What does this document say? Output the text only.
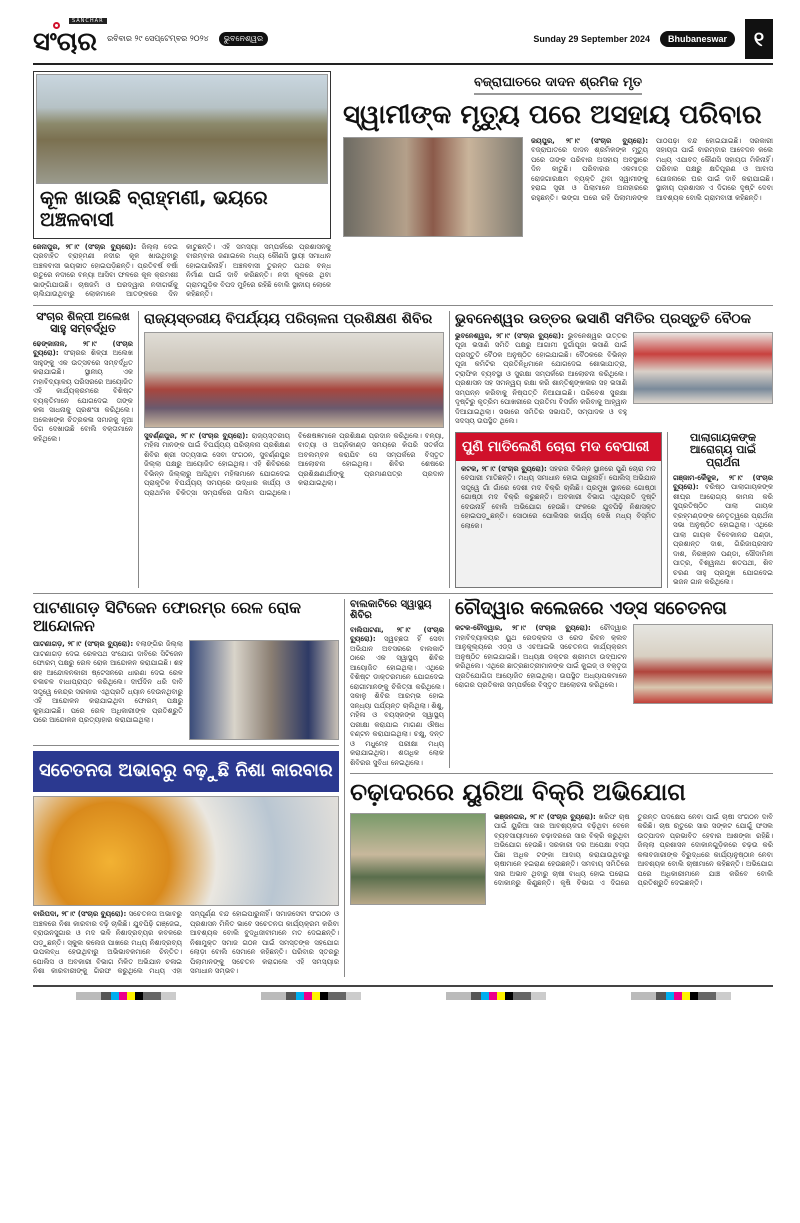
SANCHAR
ସଂଚାର ରବିବାର ୨୯ ସେପ୍ଟେମ୍ବର ୨୦୨୪	ଭୁବନେଶ୍ୱର	Sunday 29 September 2024	Bhubaneswar	୧
କୂଳ ଖାଉଛି ବ୍ରାହ୍ମଣୀ, ଭୟରେ ଅଞ୍ଚଳବାସୀ

ଜେନାପୁର, ୨୮।୯ (ସଂଚାର ବ୍ୟୁରୋ): ଜିଲ୍ଲା ଦେଇ ପ୍ରବାହିତ ବ୍ରାହ୍ମଣୀ ନଦୀର କୂଳ ଖାଉଥିବାରୁ ଅଞ୍ଚଳବାସୀ ଭୟଭୀତ ହୋଇପଡ଼ିଛନ୍ତି। ପ୍ରତିବର୍ଷ ବର୍ଷା ଋତୁରେ ନଦୀରେ ବନ୍ୟା ଆସିବା ଫଳରେ କୂଳ କ୍ରମଶଃ ଭାଙ୍ଗିଯାଉଛି। ଚାଷଜମି ଓ ଘରଦ୍ୱାର ନଦୀଗର୍ଭକୁ ଚାଲିଯାଉଥିବାରୁ ଲୋକମାନେ ଆତଙ୍କରେ ଦିନ କାଟୁଛନ୍ତି। ଏହି ସମସ୍ୟା ସମ୍ପର୍କରେ ପ୍ରଶାସନକୁ ବାରମ୍ବାର ଜଣାଇଲେ ମଧ୍ୟ କୌଣସି ସ୍ଥାୟୀ ସମାଧାନ ହୋଇପାରିନାହିଁ। ଅଞ୍ଚଳବାସୀ ତୁରନ୍ତ ପଥର ବନ୍ଧ ନିର୍ମାଣ ପାଇଁ ଦାବି କରିଛନ୍ତି। ନଦୀ କୂଳରେ ଥିବା ଗ୍ରାମଗୁଡ଼ିକ ବିପଦ ମୁହଁରେ ରହିଛି ବୋଲି ସ୍ଥାନୀୟ ଲୋକେ କହିଛନ୍ତି।

ବଜ୍ରାଘାତରେ ଦାଦନ ଶ୍ରମିକ ମୃତ
ସ୍ୱାମୀଙ୍କ ମୃତ୍ୟୁ ପରେ ଅସହାୟ ପରିବାର

ଜୟପୁର, ୨୮।୯ (ସଂଚାର ବ୍ୟୁରୋ): ବଜ୍ରାଘାତରେ ଦାଦନ ଶ୍ରମିକଙ୍କ ମୃତ୍ୟୁ ପରେ ତାଙ୍କ ପରିବାର ଅସହାୟ ଅବସ୍ଥାରେ ଦିନ କାଟୁଛି। ପରିବାରର ଏକମାତ୍ର ରୋଜଗାରକ୍ଷମ ବ୍ୟକ୍ତି ଥିବା ସ୍ୱାମୀଙ୍କୁ ହରାଇ ସ୍ତ୍ରୀ ଓ ପିଲାମାନେ ଅନାହାରରେ ରହୁଛନ୍ତି। ଭଙ୍ଗା ଘରେ ରହି ପିଲାମାନଙ୍କ ପାଠପଢ଼ା ବନ୍ଦ ହୋଇଯାଇଛି। ସରକାରୀ ସହାୟତା ପାଇଁ ବାରମ୍ବାର ଆବେଦନ କଲେ ମଧ୍ୟ ଏଯାବତ୍ କୌଣସି ସହାୟତା ମିଳିନାହିଁ। ପରିବାର ପକ୍ଷରୁ କ୍ଷତିପୂରଣ ଓ ଆବାସ ଯୋଜନାରେ ଘର ପାଇଁ ଦାବି କରାଯାଇଛି। ସ୍ଥାନୀୟ ପ୍ରଶାସନ ଏ ଦିଗରେ ଦୃଷ୍ଟି ଦେବା ଆବଶ୍ୟକ ବୋଲି ଗ୍ରାମବାସୀ କହିଛନ୍ତି।

ସଂଚାର ଶିଳ୍ପୀ ଅଲେଖ ସାହୁ ସମ୍ବର୍ଦ୍ଧିତ

ଢେଙ୍କାନାଳ, ୨୮।୯ (ସଂଚାର ବ୍ୟୁରୋ): ସଂଚାରର ଶିଳ୍ପୀ ଅଲେଖ ସାହୁଙ୍କୁ ଏକ ଉତ୍ସବରେ ସମ୍ବର୍ଦ୍ଧିତ କରାଯାଇଛି। ସ୍ଥାନୀୟ ଏକ ମହାବିଦ୍ୟାଳୟ ପରିସରରେ ଆୟୋଜିତ ଏହି କାର୍ଯ୍ୟକ୍ରମରେ ବିଶିଷ୍ଟ ବ୍ୟକ୍ତିମାନେ ଯୋଗଦେଇ ତାଙ୍କ କଳା ସାଧନାକୁ ପ୍ରଶଂସା କରିଥିଲେ। ଅଲେଖଙ୍କ ଚିତ୍ରକଳା ସମାଜକୁ ନୂଆ ଦିଗ ଦେଖାଉଛି ବୋଲି ବକ୍ତାମାନେ କହିଥିଲେ।

ରାଜ୍ୟସ୍ତରୀୟ ବିପର୍ଯ୍ୟୟ ପରିଚାଳନା ପ୍ରଶିକ୍ଷଣ ଶିବିର

ସୁବର୍ଣ୍ଣପୁର, ୨୮।୯ (ସଂଚାର ବ୍ୟୁରୋ): ରାଜ୍ୟସ୍ତରୀୟ ମହିଳା ମାନଙ୍କ ପାଇଁ ବିପର୍ଯ୍ୟୟ ପରିଚାଳନା ପ୍ରଶିକ୍ଷଣ ଶିବିର ଶ୍ରୀ ସତ୍ୟସାଇ ସେବା ସଂଗଠନ, ସୁବର୍ଣ୍ଣପୁର ଜିଲ୍ଲା ପକ୍ଷରୁ ଆୟୋଜିତ ହୋଇଥିଲା। ଏହି ଶିବିରରେ ବିଭିନ୍ନ ଜିଲ୍ଲାରୁ ଆସିଥିବା ମହିଳାମାନେ ଯୋଗଦେଇ ପ୍ରାକୃତିକ ବିପର୍ଯ୍ୟୟ ସମୟରେ ଉଦ୍ଧାର କାର୍ଯ୍ୟ ଓ ପ୍ରାଥମିକ ଚିକିତ୍ସା ସମ୍ପର୍କରେ ତାଲିମ ପାଇଥିଲେ। ବିଶେଷଜ୍ଞମାନେ ପ୍ରଶିକ୍ଷଣ ପ୍ରଦାନ କରିଥିଲେ। ବନ୍ୟା, ବାତ୍ୟା ଓ ଅଗ୍ନିକାଣ୍ଡ ସମୟରେ କିପରି ସତର୍କତା ଅବଲମ୍ବନ କରାଯିବ ସେ ସମ୍ପର୍କରେ ବିସ୍ତୃତ ଆଲୋଚନା ହୋଇଥିଲା। ଶିବିର ଶେଷରେ ପ୍ରଶିକ୍ଷଣାର୍ଥୀଙ୍କୁ ପ୍ରମାଣପତ୍ର ପ୍ରଦାନ କରାଯାଇଥିଲା।

ଭୁବନେଶ୍ୱର ଉତ୍ତର ଭସାଣି ସମିତିର ପ୍ରସ୍ତୁତି ବୈଠକ

ଭୁବନେଶ୍ୱର, ୨୮।୯ (ସଂଚାର ବ୍ୟୁରୋ): ଭୁବନେଶ୍ୱର ଉତ୍ତର ପୂଜା ଭସାଣି ସମିତି ପକ୍ଷରୁ ଆଗାମୀ ଦୁର୍ଗାପୂଜା ଭସାଣି ପାଇଁ ପ୍ରସ୍ତୁତି ବୈଠକ ଅନୁଷ୍ଠିତ ହୋଇଯାଇଛି। ବୈଠକରେ ବିଭିନ୍ନ ପୂଜା କମିଟିର ପ୍ରତିନିଧିମାନେ ଯୋଗଦେଇ ଶୋଭାଯାତ୍ରା, ଟ୍ରାଫିକ ବ୍ୟବସ୍ଥା ଓ ସୁରକ୍ଷା ସମ୍ପର୍କରେ ଆଲୋଚନା କରିଥିଲେ। ପ୍ରଶାସନ ସହ ସମନ୍ୱୟ ରକ୍ଷା କରି ଶାନ୍ତିଶୃଙ୍ଖଳାର ସହ ଭସାଣି ସମ୍ପନ୍ନ କରିବାକୁ ନିଷ୍ପତ୍ତି ନିଆଯାଇଛି। ପରିବେଶ ସୁରକ୍ଷା ଦୃଷ୍ଟିରୁ କୃତ୍ରିମ ପୋଖରୀରେ ପ୍ରତିମା ବିସର୍ଜନ କରିବାକୁ ଆହ୍ୱାନ ଦିଆଯାଇଥିଲା। ସଭାରେ ସମିତିର ସଭାପତି, ସମ୍ପାଦକ ଓ ବହୁ ସଦସ୍ୟ ଉପସ୍ଥିତ ଥିଲେ।

ପୁଣି ମାତିଲେଣି ଚୋରା ମଦ ବେପାରୀ

କଟକ, ୨୮।୯ (ସଂଚାର ବ୍ୟୁରୋ): ସହରର ବିଭିନ୍ନ ସ୍ଥାନରେ ପୁଣି ଚୋରା ମଦ ବେପାରୀ ମାତିଛନ୍ତି। ମଧ୍ୟ ସମାଧାନ ହୋଇ ପାରୁନାହିଁ। ପୋଲିସ୍ ଅଭିଯାନ ସତ୍ତ୍ୱେ ଗାଁ ଗାଁରେ ଦେଶୀ ମଦ ବିକ୍ରି ଚାଲିଛି। ପ୍ରମୁଖ ସ୍ଥାନରେ ଗୋଷ୍ଠୀ ଗୋଷ୍ଠୀ ମଦ ବିକ୍ରି କରୁଛନ୍ତି। ଅବକାରୀ ବିଭାଗ ଏଥିପ୍ରତି ଦୃଷ୍ଟି ଦେଉନାହିଁ ବୋଲି ଅଭିଯୋଗ ହେଉଛି। ଫଳରେ ଯୁବପିଢ଼ି ନିଶାସକ୍ତ ହୋଇପଡ଼ୁଛନ୍ତି। ସୋଠାରେ ପୋଲିସର କାର୍ଯ୍ୟ ଦେଖି ମଧ୍ୟ ବିସ୍ମିତ ଲୋକେ।

ପାଲାଗାୟକଙ୍କ ଆରୋଗ୍ୟ ପାଇଁ ପ୍ରାର୍ଥନା

ଗଞ୍ଜାମ-କୈଁକୁଳ, ୨୮।୯ (ସଂଚାର ବ୍ୟୁରୋ): ବରିଷ୍ଠ ପାଲାଗାୟକଙ୍କ ଶୀଘ୍ର ଆରୋଗ୍ୟ କାମନା କରି ସୁପ୍ରତିଷ୍ଠିତ ପାଲା ଗାୟକ ବ୍ରହ୍ମଣ୍ଡଙ୍କ ନେତୃତ୍ୱରେ ପ୍ରାର୍ଥନା ସଭା ଅନୁଷ୍ଠିତ ହୋଇଥିଲା। ଏଥିରେ ପାଲା ଗାୟକ ବିବେକାନନ୍ଦ ପଣ୍ଡା, ପ୍ରଶାନ୍ତ ଦାଶ, ଗିରିଜାପ୍ରସାଦ ଦାଶ, ନିରଞ୍ଜନ ପଣ୍ଡା, ସୌଦାମିନୀ ପାତ୍ର, ବିଶ୍ୱନାଥ ଶତପଥୀ, ଶିବ ଚରଣ ସାହୁ ପ୍ରମୁଖ ଯୋଗଦେଇ ଭଜନ ଗାନ କରିଥିଲେ।

ପାଟଣାଗଡ଼ ସିଟିଜେନ ଫୋରମ୍‌ର ରେଳ ରୋକ ଆନ୍ଦୋଳନ

ପାଟଣାଗଡ଼, ୨୮।୯ (ସଂଚାର ବ୍ୟୁରୋ): ବଲାଙ୍ଗିର ଜିଲ୍ଲା ପାଟଣାଗଡ଼ ଦେଇ ରେଳପଥ ସଂଯୋଗ ଦାବିରେ ସିଟିଜେନ ଫୋରମ୍ ପକ୍ଷରୁ ରେଳ ରୋକ ଆନ୍ଦୋଳନ କରାଯାଇଛି। ଶହ ଶହ ଆନ୍ଦୋଳନକାରୀ ଷ୍ଟେସନରେ ଧାରଣା ଦେଇ ରେଳ ଚଳାଚଳ ବାଧାପ୍ରାପ୍ତ କରିଥିଲେ। ଦୀର୍ଘଦିନ ଧରି ଦାବି ସତ୍ତ୍ୱେ କେନ୍ଦ୍ର ସରକାର ଏଥିପ୍ରତି ଧ୍ୟାନ ଦେଉନଥିବାରୁ ଏହି ଆନ୍ଦୋଳନ କରାଯାଇଥିବା ଫୋରମ୍ ପକ୍ଷରୁ କୁହାଯାଇଛି। ପରେ ରେଳ ଅଧିକାରୀଙ୍କ ପ୍ରତିଶ୍ରୁତି ପରେ ଆନ୍ଦୋଳନ ପ୍ରତ୍ୟାହାର କରାଯାଇଥିଲା।

ସଚେତନତା ଅଭାବରୁ ବଢ଼ୁଛି ନିଶା କାରବାର

ବାରିପଦା, ୨୮।୯ (ସଂଚାର ବ୍ୟୁରୋ): ସଚେତନତା ଅଭାବରୁ ଅଞ୍ଚଳରେ ନିଶା କାରବାର ବଢ଼ି ଚାଲିଛି। ଯୁବପିଢ଼ି ଗଞ୍ଜେଇ, ବ୍ରାଉନସୁଗାର ଓ ମଦ ଭଳି ନିଶାଦ୍ରବ୍ୟର କବଳରେ ପଡ଼ୁଛନ୍ତି। ସ୍କୁଲ କଲେଜ ପାଖରେ ମଧ୍ୟ ନିଶାଦ୍ରବ୍ୟ ଉପଲବ୍ଧ ହେଉଥିବାରୁ ଅଭିଭାବକମାନେ ଚିନ୍ତିତ। ପୋଲିସ ଓ ଅବକାରୀ ବିଭାଗ ମିଳିତ ଅଭିଯାନ ଚଳାଇ ନିଶା କାରବାରୀଙ୍କୁ ଗିରଫ କରୁଥିଲେ ମଧ୍ୟ ଏହା ସମ୍ପୂର୍ଣ୍ଣ ବନ୍ଦ ହୋଇପାରୁନାହିଁ। ସମାଜସେବୀ ସଂଗଠନ ଓ ପ୍ରଶାସନ ମିଳିତ ଭାବେ ସଚେତନତା କାର୍ଯ୍ୟକ୍ରମ କରିବା ଆବଶ୍ୟକ ବୋଲି ବୁଦ୍ଧିଜୀବୀମାନେ ମତ ଦେଇଛନ୍ତି। ନିଶାମୁକ୍ତ ସମାଜ ଗଠନ ପାଇଁ ସମସ୍ତଙ୍କ ସହଯୋଗ ଲୋଡ଼ା ବୋଲି ସେମାନେ କହିଛନ୍ତି। ପରିବାର ସ୍ତରରୁ ପିଲାମାନଙ୍କୁ ସଚେତନ କରାଗଲେ ଏହି ସମସ୍ୟାର ସମାଧାନ ସମ୍ଭବ।

ବାଲକାଟିରେ ସ୍ୱାସ୍ଥ୍ୟ ଶିବିର

ବାଲିପାଟଣା, ୨୮।୯ (ସଂଚାର ବ୍ୟୁରୋ): ସ୍ୱଚ୍ଛତା ହିଁ ସେବା ଅଭିଯାନ ଅବସରରେ ବାଲକାଟି ଠାରେ ଏକ ସ୍ୱାସ୍ଥ୍ୟ ଶିବିର ଆୟୋଜିତ ହୋଇଥିଲା। ଏଥିରେ ବିଶିଷ୍ଟ ଡାକ୍ତରମାନେ ଯୋଗଦେଇ ରୋଗୀମାନଙ୍କୁ ଚିକିତ୍ସା କରିଥିଲେ। ସକାଳୁ ଶିବିର ଆରମ୍ଭ ହୋଇ ସନ୍ଧ୍ୟା ପର୍ଯ୍ୟନ୍ତ ଚାଲିଥିଲା। ଶିଶୁ, ମହିଳା ଓ ବୟସ୍କଙ୍କ ସ୍ୱାସ୍ଥ୍ୟ ପରୀକ୍ଷା କରାଯାଇ ମାଗଣା ଔଷଧ ବଣ୍ଟନ କରାଯାଇଥିଲା। ଚକ୍ଷୁ, ଦନ୍ତ ଓ ମଧୁମେହ ପରୀକ୍ଷା ମଧ୍ୟ କରାଯାଇଥିଲା। ଶତାଧିକ ଲୋକ ଶିବିରର ସୁବିଧା ନେଇଥିଲେ।

ଚୌଦ୍ୱାର କଲେଜରେ ଏଡ୍ସ ସଚେତନତା

କଟକ-ଚୌଦ୍ୱାର, ୨୮।୯ (ସଂଚାର ବ୍ୟୁରୋ): ଚୌଦ୍ୱାର ମହାବିଦ୍ୟାଳୟର ୟୁଥ ରେଡକ୍ରସ ଓ ରେଡ ରିବନ କ୍ଲବ ଆନୁକୂଲ୍ୟରେ ଏଡ୍ସ ଓ ଏଚଆଇଭି ସଚେତନତା କାର୍ଯ୍ୟକ୍ରମ ଅନୁଷ୍ଠିତ ହୋଇଯାଇଛି। ଅଧ୍ୟକ୍ଷ ଡକ୍ଟର ଶ୍ରୀମତୀ ଉଦ୍‌ଘାଟନ କରିଥିଲେ। ଏଥିରେ ଛାତ୍ରଛାତ୍ରୀମାନଙ୍କ ପାଇଁ କୁଇଜ୍ ଓ ବକ୍ତୃତା ପ୍ରତିଯୋଗିତା ଆୟୋଜିତ ହୋଇଥିଲା। ଉପସ୍ଥିତ ଅଧ୍ୟାପକମାନେ ରୋଗର ପ୍ରତିକାର ସମ୍ପର୍କରେ ବିସ୍ତୃତ ଆଲୋଚନା କରିଥିଲେ।

ଚଢ଼ାଦରରେ ୟୁରିଆ ବିକ୍ରି ଅଭିଯୋଗ

ଭଞ୍ଜନଗର, ୨୮।୯ (ସଂଚାର ବ୍ୟୁରୋ): ଖରିଫ ଚାଷ ପାଇଁ ୟୁରିଆ ସାର ଆବଶ୍ୟକତା ବଢ଼ିଥିବା ବେଳେ ବ୍ୟବସାୟୀମାନେ ଚଢ଼ାଦରରେ ସାର ବିକ୍ରି କରୁଥିବା ଅଭିଯୋଗ ହେଉଛି। ସରକାରୀ ଦର ଅପେକ୍ଷା ବସ୍ତା ପିଛା ଅଧିକ ଟଙ୍କା ଆଦାୟ କରାଯାଉଥିବାରୁ ଚାଷୀମାନେ ହଇରାଣ ହେଉଛନ୍ତି। ସମବାୟ ସମିତିରେ ସାର ଅଭାବ ଥିବାରୁ ଚାଷୀ ବାଧ୍ୟ ହୋଇ ଘରୋଇ ଦୋକାନରୁ କିଣୁଛନ୍ତି। କୃଷି ବିଭାଗ ଏ ଦିଗରେ ତୁରନ୍ତ ପଦକ୍ଷେପ ନେବା ପାଇଁ ଚାଷୀ ସଂଗଠନ ଦାବି କରିଛି। ଚାଷ ଋତୁରେ ସାର ସଙ୍କଟ ଯୋଗୁଁ ଫସଲ ଉତ୍ପାଦନ ପ୍ରଭାବିତ ହେବାର ଆଶଙ୍କା ରହିଛି। ଜିଲ୍ଲା ପ୍ରଶାସନ ଦୋକାନଗୁଡ଼ିକରେ ଚଢ଼ଉ କରି କଳାବଜାରୀଙ୍କ ବିରୁଦ୍ଧରେ କାର୍ଯ୍ୟାନୁଷ୍ଠାନ ନେବା ଆବଶ୍ୟକ ବୋଲି ଚାଷୀମାନେ କହିଛନ୍ତି। ଅଭିଯୋଗ ପରେ ଅଧିକାରୀମାନେ ଯାଞ୍ଚ କରିବେ ବୋଲି ପ୍ରତିଶ୍ରୁତି ଦେଇଛନ୍ତି।
